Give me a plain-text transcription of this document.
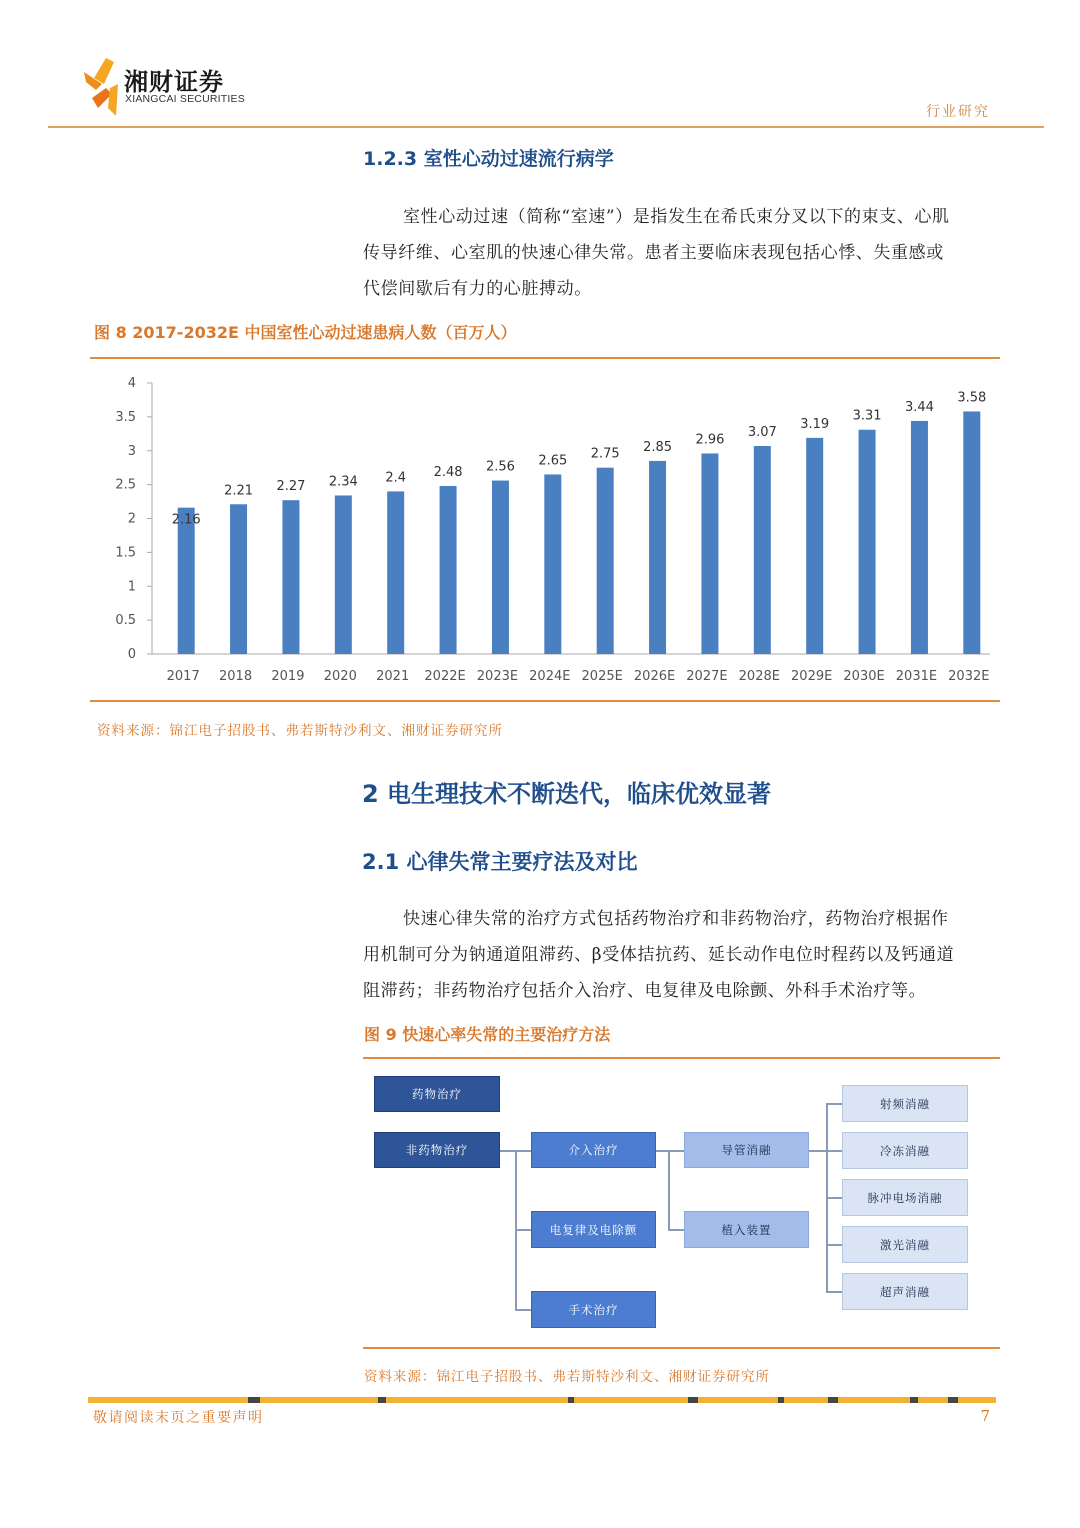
湘财证券
XIANGCAI SECURITIES
行业研究
1.2.3 室性心动过速流行病学

室性心动过速（简称“室速”）是指发生在希氏束分叉以下的束支、心肌

传导纤维、心室肌的快速心律失常。患者主要临床表现包括心悸、失重感或

代偿间歇后有力的心脏搏动。

图 8 2017-2032E 中国室性心动过速患病人数（百万人）
0
0.5
1
1.5
2
2.5
3
3.5
4
2.16
2.21 2.27 2.34 2.4 2.48 2.56 2.65 2.75 2.85 2.96 3.07
3.19
3.31
3.44
3.58
2017 2018 2019 2020 2021 2022E 2023E 2024E 2025E 2026E 2027E 2028E 2029E 2030E 2031E 2032E
资料来源：锦江电子招股书、弗若斯特沙利文、湘财证券研究所
2 电生理技术不断迭代，临床优效显著
2.1 心律失常主要疗法及对比

快速心律失常的治疗方式包括药物治疗和非药物治疗，药物治疗根据作

用机制可分为钠通道阻滞药、β受体拮抗药、延长动作电位时程药以及钙通道

阻滞药；非药物治疗包括介入治疗、电复律及电除颤、外科手术治疗等。

图 9 快速心率失常的主要治疗方法
药物治疗
非药物治疗	介入治疗
电复律及电除颤
手术治疗
导管消融
植入装置
射频消融
冷冻消融
脉冲电场消融
激光消融
超声消融
资料来源：锦江电子招股书、弗若斯特沙利文、湘财证券研究所
敬请阅读末页之重要声明	7
